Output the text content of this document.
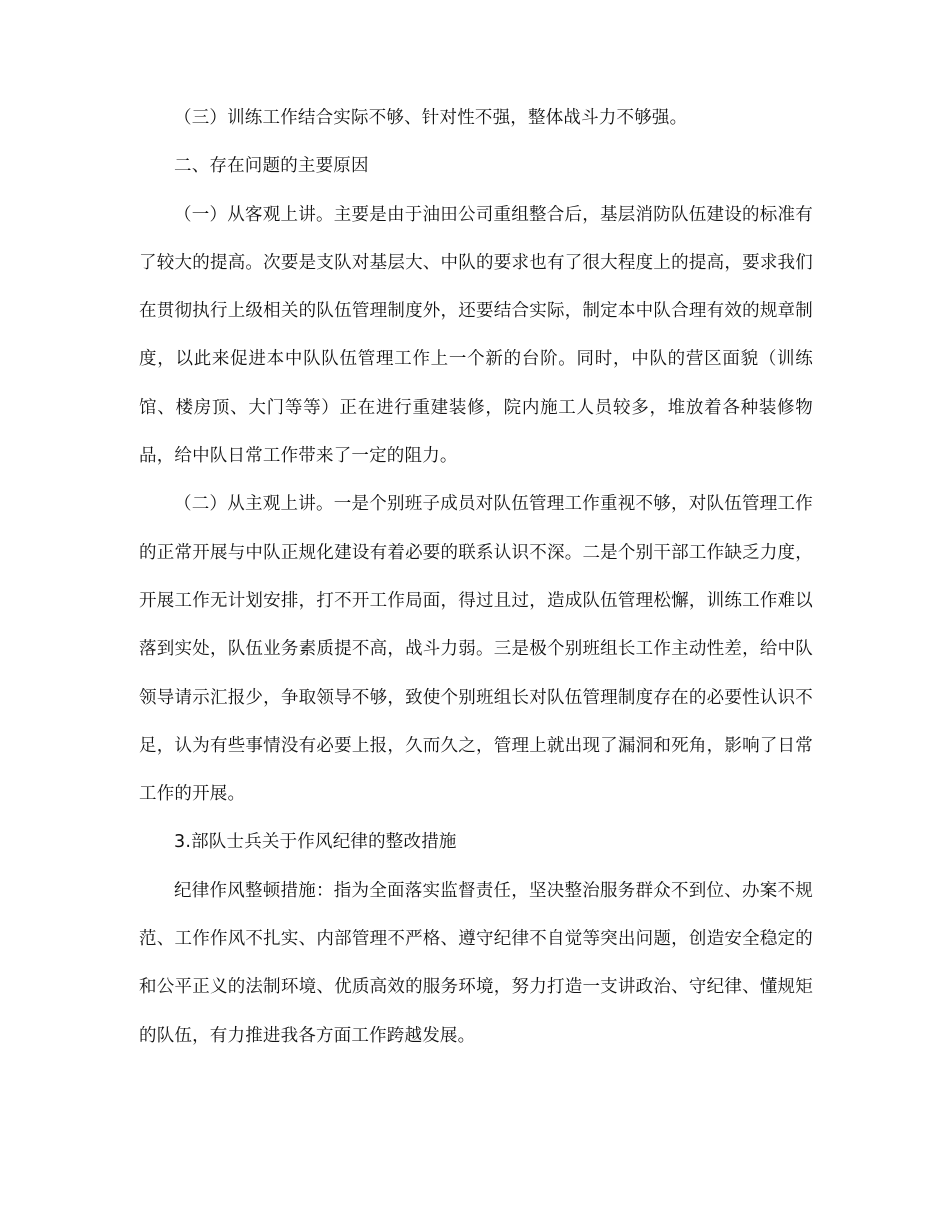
（三）训练工作结合实际不够、针对性不强，整体战斗力不够强。

二、存在问题的主要原因

（一）从客观上讲。主要是由于油田公司重组整合后，基层消防队伍建设的标准有了较大的提高。次要是支队对基层大、中队的要求也有了很大程度上的提高，要求我们在贯彻执行上级相关的队伍管理制度外，还要结合实际，制定本中队合理有效的规章制度，以此来促进本中队队伍管理工作上一个新的台阶。同时，中队的营区面貌（训练馆、楼房顶、大门等等）正在进行重建装修，院内施工人员较多，堆放着各种装修物品，给中队日常工作带来了一定的阻力。

（二）从主观上讲。一是个别班子成员对队伍管理工作重视不够，对队伍管理工作的正常开展与中队正规化建设有着必要的联系认识不深。二是个别干部工作缺乏力度，开展工作无计划安排，打不开工作局面，得过且过，造成队伍管理松懈，训练工作难以落到实处，队伍业务素质提不高，战斗力弱。三是极个别班组长工作主动性差，给中队领导请示汇报少，争取领导不够，致使个别班组长对队伍管理制度存在的必要性认识不足，认为有些事情没有必要上报，久而久之，管理上就出现了漏洞和死角，影响了日常工作的开展。

3.部队士兵关于作风纪律的整改措施

纪律作风整顿措施：指为全面落实监督责任，坚决整治服务群众不到位、办案不规范、工作作风不扎实、内部管理不严格、遵守纪律不自觉等突出问题，创造安全稳定的和公平正义的法制环境、优质高效的服务环境，努力打造一支讲政治、守纪律、懂规矩的队伍，有力推进我各方面工作跨越发展。
